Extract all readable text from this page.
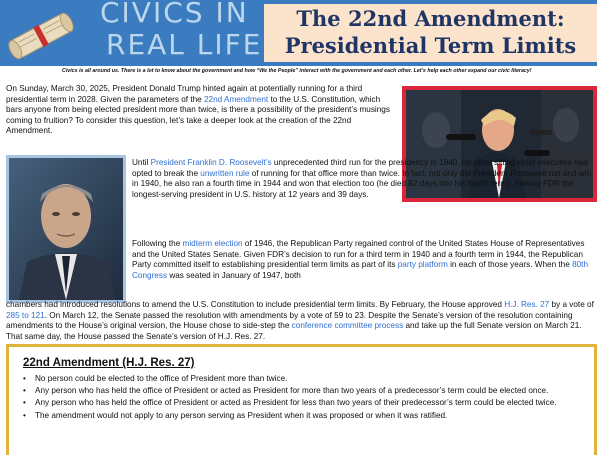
CIVICS IN
REAL LIFE
The 22nd Amendment:
Presidential Term Limits
Civics is all around us. There is a lot to know about the government and how “We the People” interact with the government and each other. Let’s help each other expand our civic literacy!
On Sunday, March 30, 2025, President Donald Trump hinted again at potentially running for a third presidential term in 2028. Given the parameters of the 22nd Amendment to the U.S. Constitution, which bars anyone from being elected president more than twice, is there a possibility of the president’s musings coming to fruition? To consider this question, let’s take a deeper look at the creation of the 22nd Amendment.
Until President Franklin D. Roosevelt’s unprecedented third run for the presidency in 1940, no other sitting chief executive had opted to break the unwritten rule of running for that office more than twice. In fact, not only did President Roosevelt run and win in 1940, he also ran a fourth time in 1944 and won that election too (he died 82 days into his fourth term), making FDR the longest-serving president in U.S. history at 12 years and 39 days.
Following the midterm election of 1946, the Republican Party regained control of the United States House of Representatives and the United States Senate. Given FDR’s decision to run for a third term in 1940 and a fourth term in 1944, the Republican Party committed itself to establishing presidential term limits as part of its party platform in each of those years. When the 80th Congress was seated in January of 1947, both
chambers had introduced resolutions to amend the U.S. Constitution to include presidential term limits. By February, the House approved H.J. Res. 27 by a vote of 285 to 121. On March 12, the Senate passed the resolution with amendments by a vote of 59 to 23. Despite the Senate’s version of the resolution containing amendments to the House’s original version, the House chose to side-step the conference committee process and take up the full Senate version on March 21. That same day, the House passed the Senate’s version of H.J. Res. 27.
22nd Amendment (H.J. Res. 27)
• No person could be elected to the office of President more than twice.
• Any person who has held the office of President or acted as President for more than two years of a predecessor’s term could be elected once.
• Any person who has held the office of President or acted as President for less than two years of their predecessor’s term could be elected twice.
• The amendment would not apply to any person serving as President when it was proposed or when it was ratified.
